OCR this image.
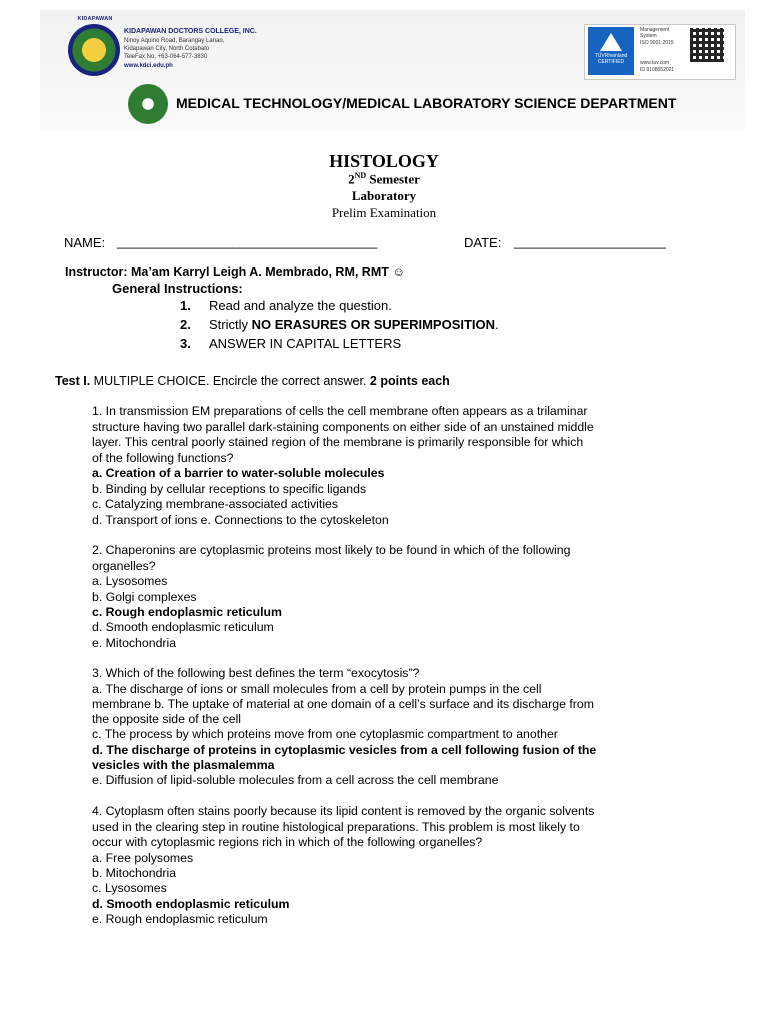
KIDAPAWAN
KIDAPAWAN DOCTORS COLLEGE, INC.
Ninoy Aquino Road, Barangay Lanao,
Kidapawan City, North Cotabato
TeleFax No. +63-064-577-3830
www.kdci.edu.ph
TÜVRheinland
CERTIFIED
Management
System
ISO 9001:2015
www.tuv.com
ID 9108652021
MEDICAL TECHNOLOGY/MEDICAL LABORATORY SCIENCE DEPARTMENT
HISTOLOGY
2ND Semester
Laboratory
Prelim Examination
NAME: ____________________________________	DATE: _____________________
Instructor: Ma’am Karryl Leigh A. Membrado, RM, RMT ☺
General Instructions:
1. Read and analyze the question.
2. Strictly NO ERASURES OR SUPERIMPOSITION.
3. ANSWER IN CAPITAL LETTERS
Test I. MULTIPLE CHOICE. Encircle the correct answer. 2 points each
1. In transmission EM preparations of cells the cell membrane often appears as a trilaminar
structure having two parallel dark-staining components on either side of an unstained middle
layer. This central poorly stained region of the membrane is primarily responsible for which
of the following functions?
a. Creation of a barrier to water-soluble molecules
b. Binding by cellular receptions to specific ligands
c. Catalyzing membrane-associated activities
d. Transport of ions e. Connections to the cytoskeleton
2. Chaperonins are cytoplasmic proteins most likely to be found in which of the following
organelles?
a. Lysosomes
b. Golgi complexes
c. Rough endoplasmic reticulum
d. Smooth endoplasmic reticulum
e. Mitochondria
3. Which of the following best defines the term “exocytosis”?
a. The discharge of ions or small molecules from a cell by protein pumps in the cell
membrane b. The uptake of material at one domain of a cell’s surface and its discharge from
the opposite side of the cell
c. The process by which proteins move from one cytoplasmic compartment to another
d. The discharge of proteins in cytoplasmic vesicles from a cell following fusion of the
vesicles with the plasmalemma
e. Diffusion of lipid-soluble molecules from a cell across the cell membrane
4. Cytoplasm often stains poorly because its lipid content is removed by the organic solvents
used in the clearing step in routine histological preparations. This problem is most likely to
occur with cytoplasmic regions rich in which of the following organelles?
a. Free polysomes
b. Mitochondria
c. Lysosomes
d. Smooth endoplasmic reticulum
e. Rough endoplasmic reticulum
